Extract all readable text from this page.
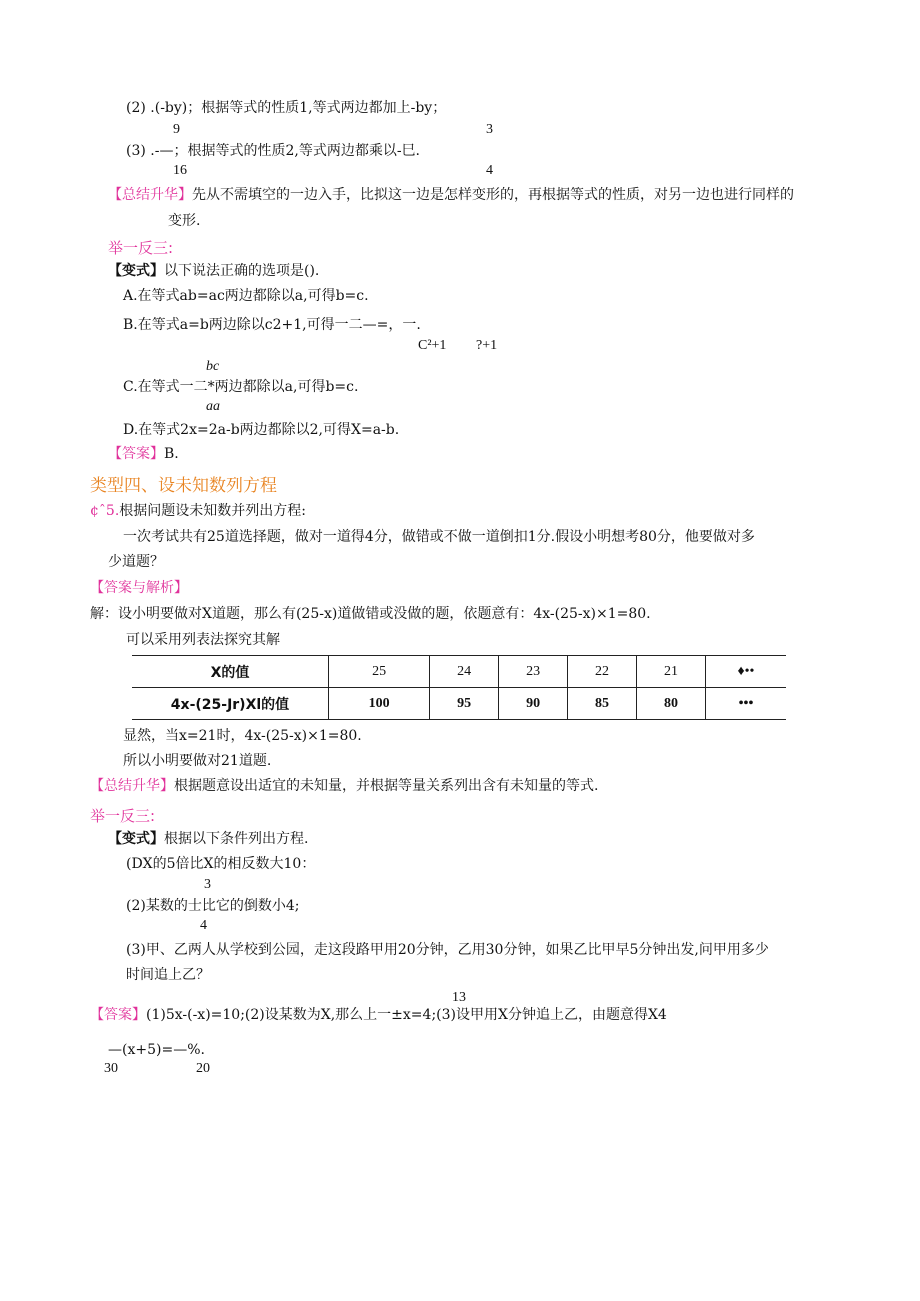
(2) .(-by)；根据等式的性质1,等式两边都加上-by；
9	3
(3) .-—；根据等式的性质2,等式两边都乘以-巳.
16	4
【总结升华】先从不需填空的一边入手，比拟这一边是怎样变形的，再根据等式的性质，对另一边也进行同样的
变形.
举一反三:
【变式】以下说法正确的选项是().
A.在等式ab=ac两边都除以a,可得b=c.
B.在等式a=b两边除以c2+1,可得一二—=，一.
C²+1 ?+1
bc
C.在等式一二*两边都除以a,可得b=c.
aa
D.在等式2x=2a-b两边都除以2,可得X=a-b.
【答案】B.
类型四、设未知数列方程
¢ˆ5.根据问题设未知数并列出方程:
一次考试共有25道选择题，做对一道得4分，做错或不做一道倒扣1分.假设小明想考80分，他要做对多
少道题？
【答案与解析】
解：设小明要做对X道题，那么有(25-x)道做错或没做的题，依题意有：4x-(25-x)×1=80.
可以采用列表法探究其解
X的值	25	24	23	22	21	♦••
4x-(25-Jr)Xl的值	100	95	90	85	80	•••
显然，当x=21时，4x-(25-x)×1=80.
所以小明要做对21道题.
【总结升华】根据题意设出适宜的未知量，并根据等量关系列出含有未知量的等式.
举一反三:
【变式】根据以下条件列出方程.
(DX的5倍比X的相反数大10：
3
(2)某数的士比它的倒数小4;
4
(3)甲、乙两人从学校到公园，走这段路甲用20分钟，乙用30分钟，如果乙比甲早5分钟出发,问甲用多少
时间追上乙？
13
【答案】(1)5x-(-x)=10;(2)设某数为X,那么上一±x=4;(3)设甲用X分钟追上乙，由题意得X4
—(x+5)=—%.
30	20
